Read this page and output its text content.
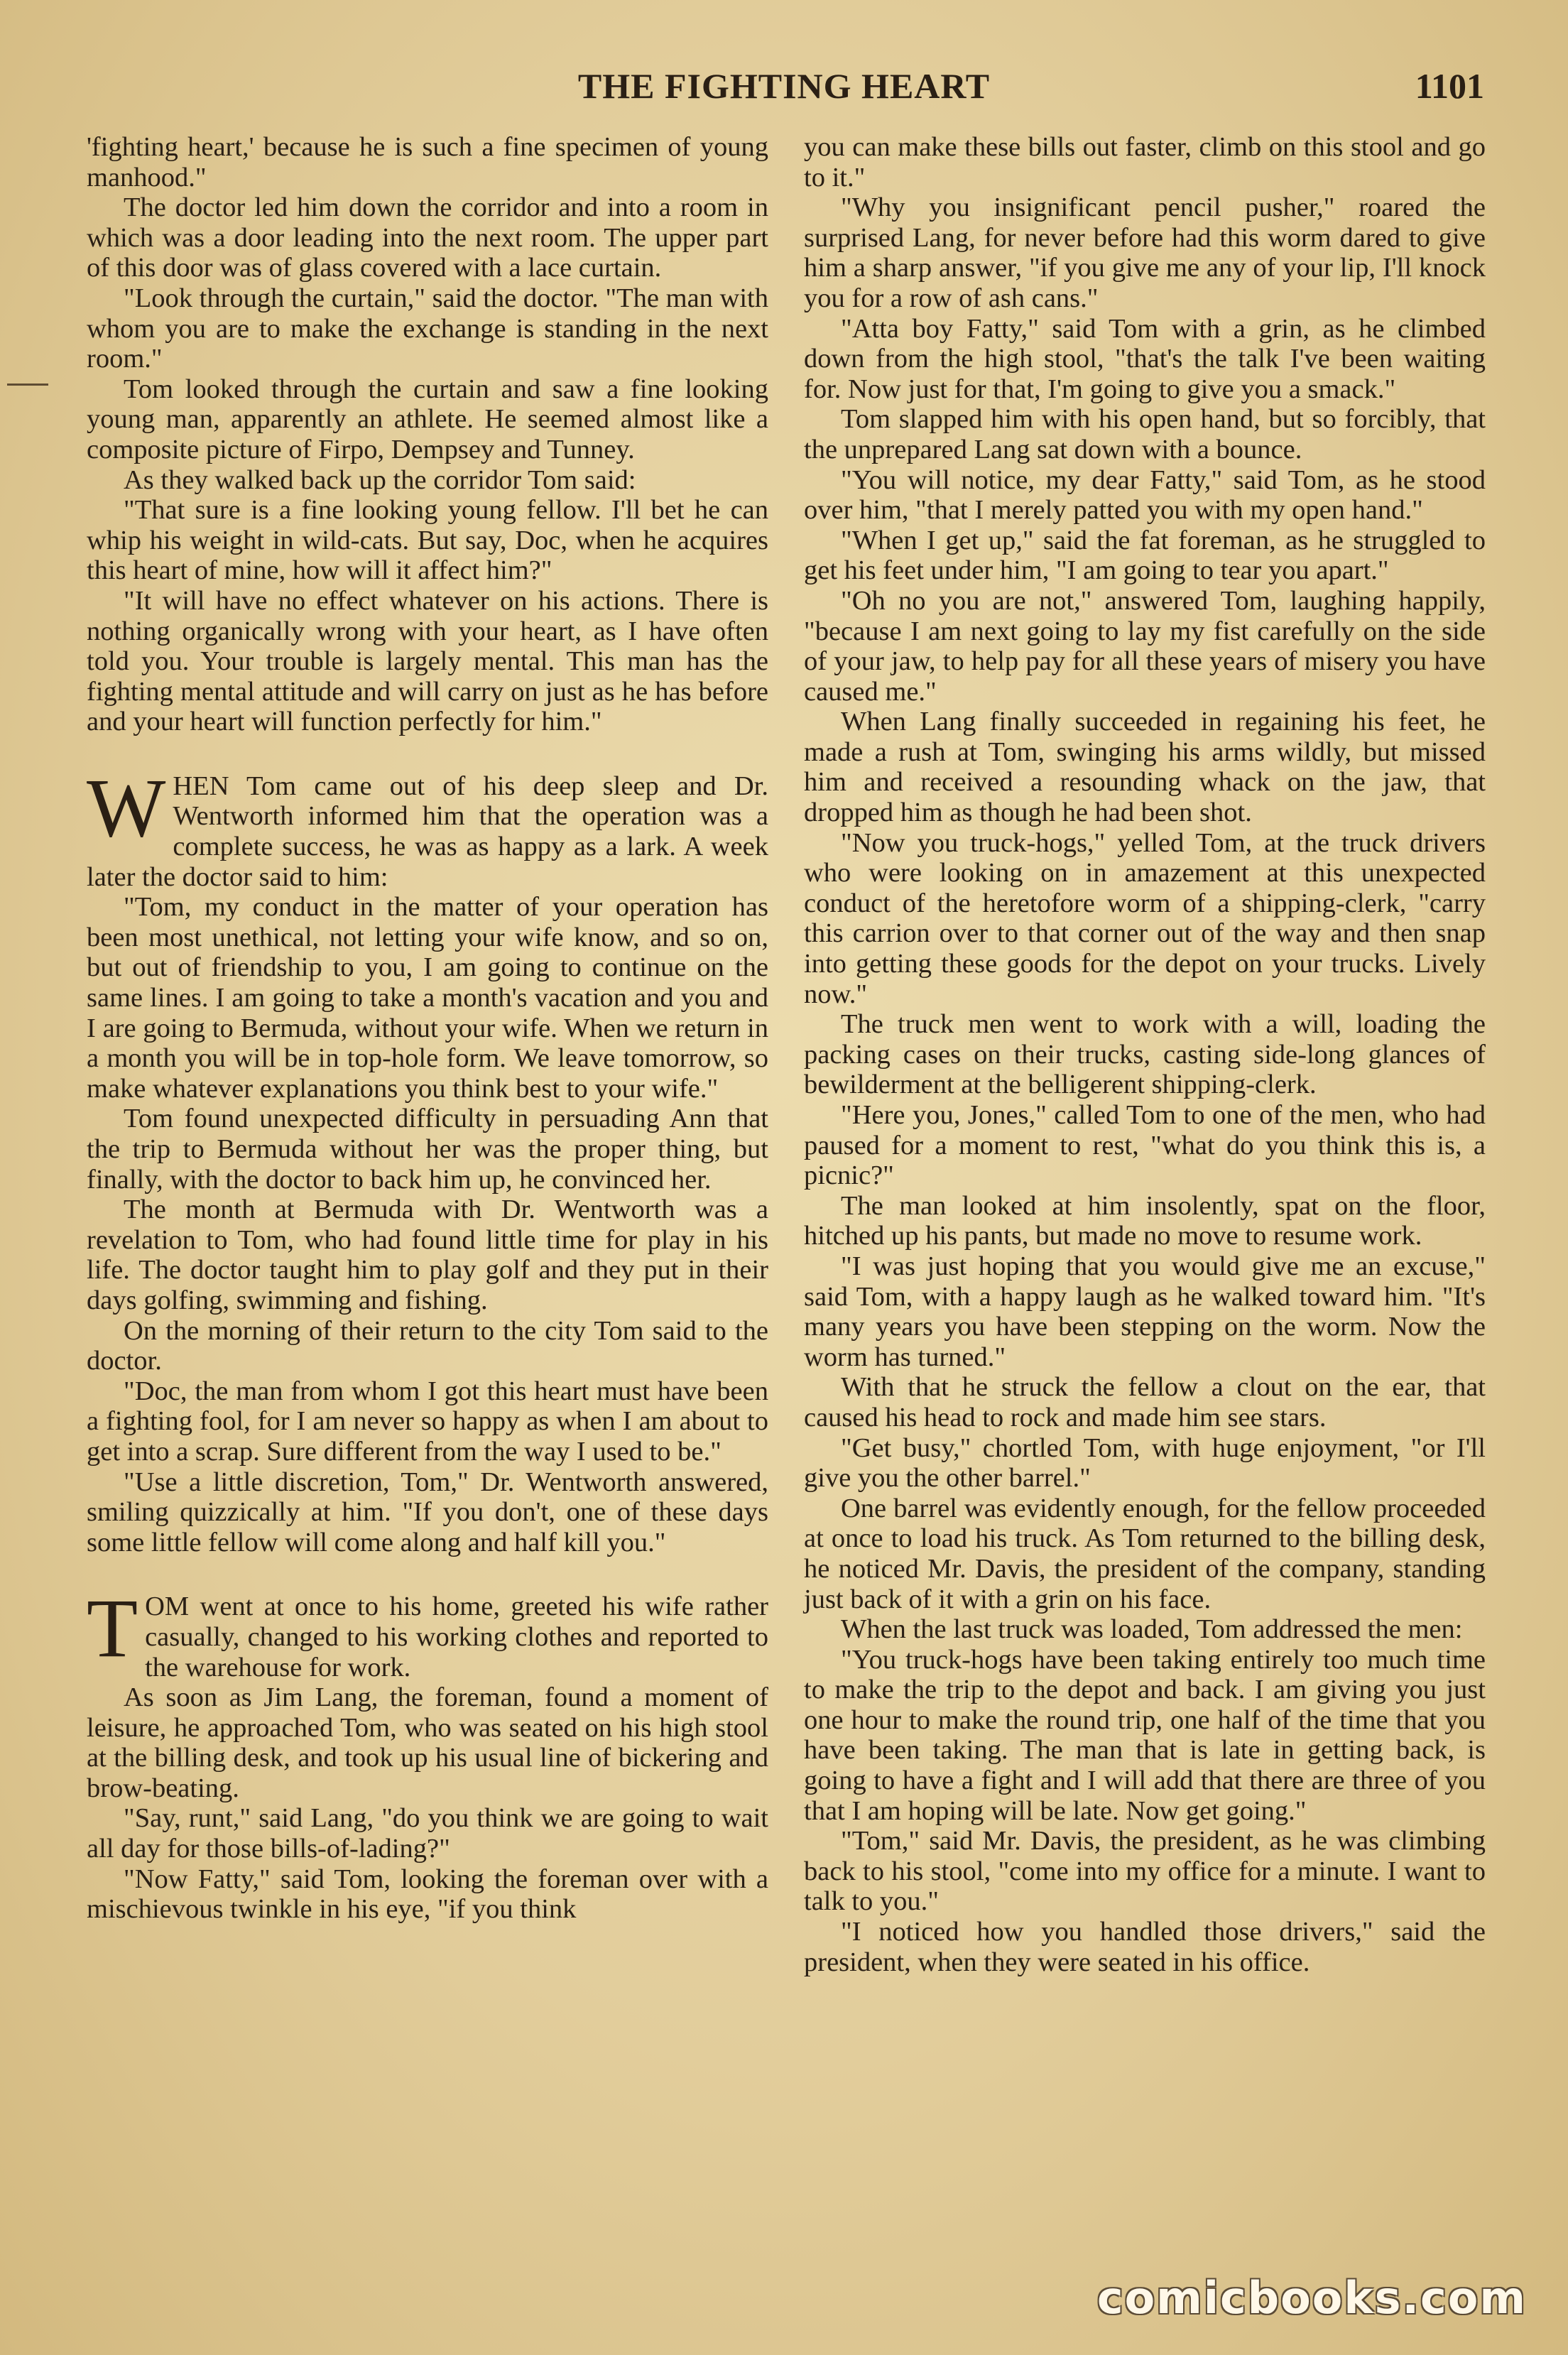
THE FIGHTING HEART	1101

'fighting heart,' because he is such a fine specimen of young manhood."

The doctor led him down the corridor and into a room in which was a door leading into the next room. The upper part of this door was of glass covered with a lace curtain.

"Look through the curtain," said the doctor. "The man with whom you are to make the exchange is standing in the next room."

Tom looked through the curtain and saw a fine looking young man, apparently an athlete. He seemed almost like a composite picture of Firpo, Dempsey and Tunney.

As they walked back up the corridor Tom said:

"That sure is a fine looking young fellow. I'll bet he can whip his weight in wild-cats. But say, Doc, when he acquires this heart of mine, how will it affect him?"

"It will have no effect whatever on his actions. There is nothing organically wrong with your heart, as I have often told you. Your trouble is largely mental. This man has the fighting mental attitude and will carry on just as he has before and your heart will function perfectly for him."

WHEN Tom came out of his deep sleep and Dr. Wentworth informed him that the operation was a complete success, he was as happy as a lark. A week later the doctor said to him:

"Tom, my conduct in the matter of your operation has been most unethical, not letting your wife know, and so on, but out of friendship to you, I am going to continue on the same lines. I am going to take a month's vacation and you and I are going to Bermuda, without your wife. When we return in a month you will be in top-hole form. We leave tomorrow, so make whatever explanations you think best to your wife."

Tom found unexpected difficulty in persuading Ann that the trip to Bermuda without her was the proper thing, but finally, with the doctor to back him up, he convinced her.

The month at Bermuda with Dr. Wentworth was a revelation to Tom, who had found little time for play in his life. The doctor taught him to play golf and they put in their days golfing, swimming and fishing.

On the morning of their return to the city Tom said to the doctor.

"Doc, the man from whom I got this heart must have been a fighting fool, for I am never so happy as when I am about to get into a scrap. Sure different from the way I used to be."

"Use a little discretion, Tom," Dr. Wentworth answered, smiling quizzically at him. "If you don't, one of these days some little fellow will come along and half kill you."

TOM went at once to his home, greeted his wife rather casually, changed to his working clothes and reported to the warehouse for work.

As soon as Jim Lang, the foreman, found a moment of leisure, he approached Tom, who was seated on his high stool at the billing desk, and took up his usual line of bickering and brow-beating.

"Say, runt," said Lang, "do you think we are going to wait all day for those bills-of-lading?"

"Now Fatty," said Tom, looking the foreman over with a mischievous twinkle in his eye, "if you think

you can make these bills out faster, climb on this stool and go to it."

"Why you insignificant pencil pusher," roared the surprised Lang, for never before had this worm dared to give him a sharp answer, "if you give me any of your lip, I'll knock you for a row of ash cans."

"Atta boy Fatty," said Tom with a grin, as he climbed down from the high stool, "that's the talk I've been waiting for. Now just for that, I'm going to give you a smack."

Tom slapped him with his open hand, but so forcibly, that the unprepared Lang sat down with a bounce.

"You will notice, my dear Fatty," said Tom, as he stood over him, "that I merely patted you with my open hand."

"When I get up," said the fat foreman, as he struggled to get his feet under him, "I am going to tear you apart."

"Oh no you are not," answered Tom, laughing happily, "because I am next going to lay my fist carefully on the side of your jaw, to help pay for all these years of misery you have caused me."

When Lang finally succeeded in regaining his feet, he made a rush at Tom, swinging his arms wildly, but missed him and received a resounding whack on the jaw, that dropped him as though he had been shot.

"Now you truck-hogs," yelled Tom, at the truck drivers who were looking on in amazement at this unexpected conduct of the heretofore worm of a shipping-clerk, "carry this carrion over to that corner out of the way and then snap into getting these goods for the depot on your trucks. Lively now."

The truck men went to work with a will, loading the packing cases on their trucks, casting side-long glances of bewilderment at the belligerent shipping-clerk.

"Here you, Jones," called Tom to one of the men, who had paused for a moment to rest, "what do you think this is, a picnic?"

The man looked at him insolently, spat on the floor, hitched up his pants, but made no move to resume work.

"I was just hoping that you would give me an excuse," said Tom, with a happy laugh as he walked toward him. "It's many years you have been stepping on the worm. Now the worm has turned."

With that he struck the fellow a clout on the ear, that caused his head to rock and made him see stars.

"Get busy," chortled Tom, with huge enjoyment, "or I'll give you the other barrel."

One barrel was evidently enough, for the fellow proceeded at once to load his truck. As Tom returned to the billing desk, he noticed Mr. Davis, the president of the company, standing just back of it with a grin on his face.

When the last truck was loaded, Tom addressed the men:

"You truck-hogs have been taking entirely too much time to make the trip to the depot and back. I am giving you just one hour to make the round trip, one half of the time that you have been taking. The man that is late in getting back, is going to have a fight and I will add that there are three of you that I am hoping will be late. Now get going."

"Tom," said Mr. Davis, the president, as he was climbing back to his stool, "come into my office for a minute. I want to talk to you."

"I noticed how you handled those drivers," said the president, when they were seated in his office.

comicbooks.com
